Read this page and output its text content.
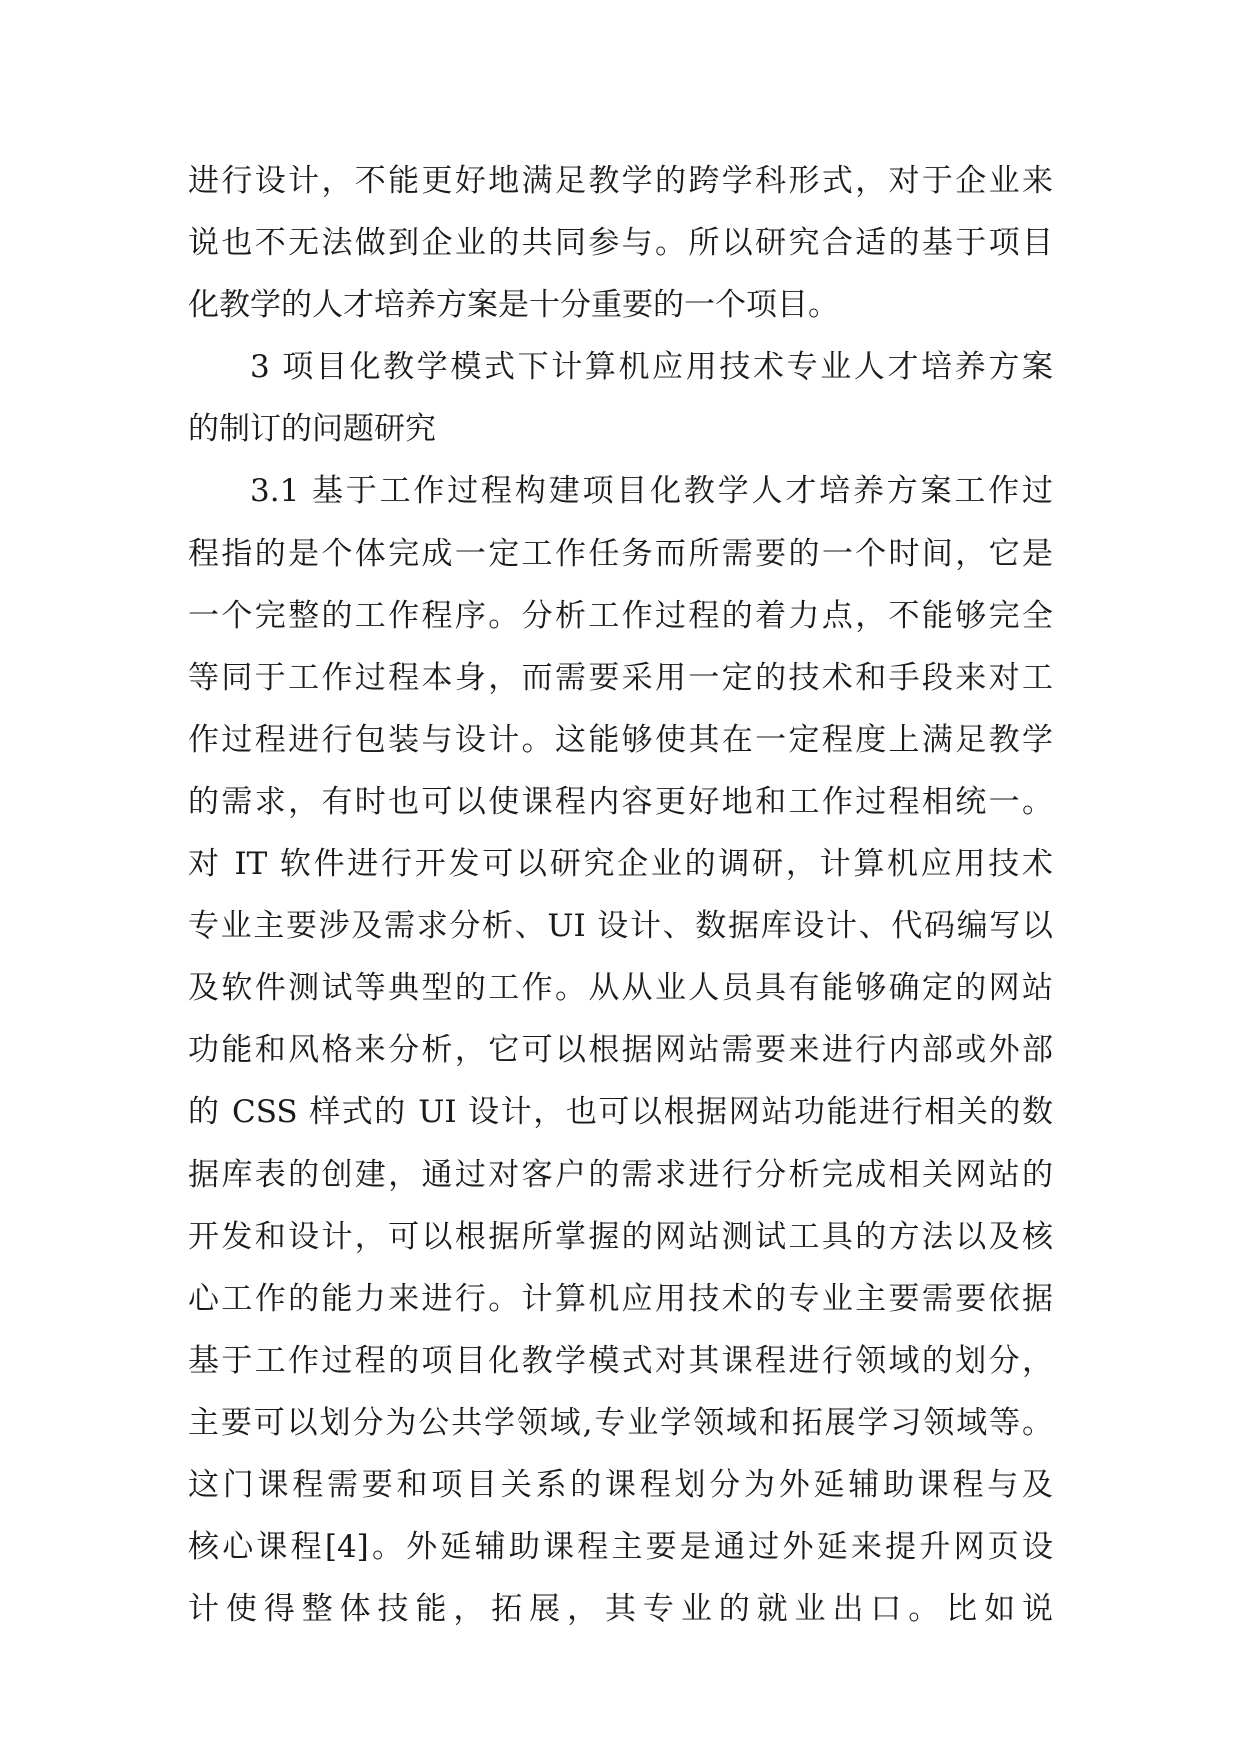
进行设计，不能更好地满足教学的跨学科形式，对于企业来
说也不无法做到企业的共同参与。所以研究合适的基于项目
化教学的人才培养方案是十分重要的一个项目。
3 项目化教学模式下计算机应用技术专业人才培养方案
的制订的问题研究
3.1 基于工作过程构建项目化教学人才培养方案工作过
程指的是个体完成一定工作任务而所需要的一个时间，它是
一个完整的工作程序。分析工作过程的着力点，不能够完全
等同于工作过程本身，而需要采用一定的技术和手段来对工
作过程进行包装与设计。这能够使其在一定程度上满足教学
的需求，有时也可以使课程内容更好地和工作过程相统一。
对 IT 软件进行开发可以研究企业的调研，计算机应用技术
专业主要涉及需求分析、UI 设计、数据库设计、代码编写以
及软件测试等典型的工作。从从业人员具有能够确定的网站
功能和风格来分析，它可以根据网站需要来进行内部或外部
的 CSS 样式的 UI 设计，也可以根据网站功能进行相关的数
据库表的创建，通过对客户的需求进行分析完成相关网站的
开发和设计，可以根据所掌握的网站测试工具的方法以及核
心工作的能力来进行。计算机应用技术的专业主要需要依据
基于工作过程的项目化教学模式对其课程进行领域的划分，
主要可以划分为公共学领域,专业学领域和拓展学习领域等。
这门课程需要和项目关系的课程划分为外延辅助课程与及
核心课程[4]。外延辅助课程主要是通过外延来提升网页设
计使得整体技能，拓展，其专业的就业出口。比如说
